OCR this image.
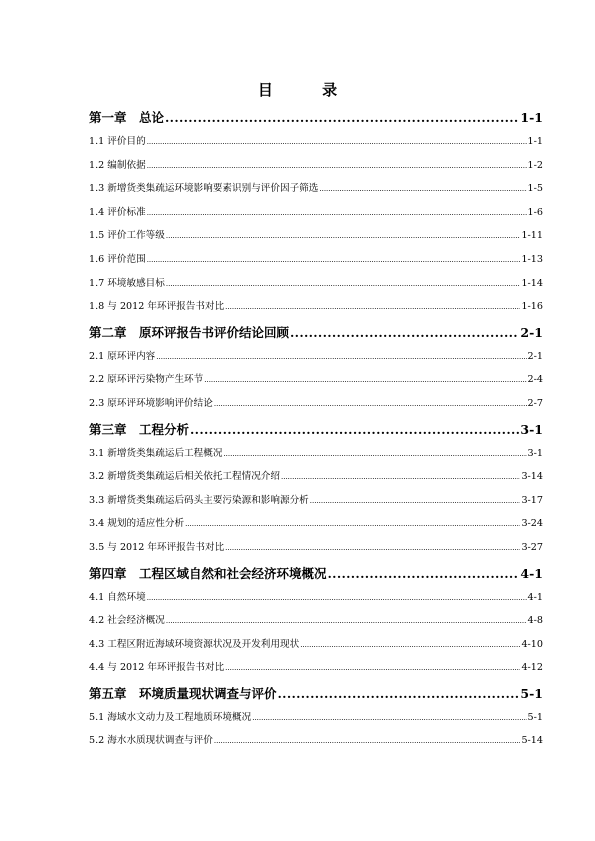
目 录
第一章　总论 .....	1-1
1.1 评价目的 .....	1-1
1.2 编制依据 .....	1-2
1.3 新增货类集疏运环境影响要素识别与评价因子筛选 .....	1-5
1.4 评价标准 .....	1-6
1.5 评价工作等级 .....	1-11
1.6 评价范围 .....	1-13
1.7 环境敏感目标 .....	1-14
1.8 与 2012 年环评报告书对比 .....	1-16
第二章　原环评报告书评价结论回顾 .....	2-1
2.1 原环评内容 .....	2-1
2.2 原环评污染物产生环节 .....	2-4
2.3 原环评环境影响评价结论 .....	2-7
第三章　工程分析 .....	3-1
3.1 新增货类集疏运后工程概况 .....	3-1
3.2 新增货类集疏运后相关依托工程情况介绍 .....	3-14
3.3 新增货类集疏运后码头主要污染源和影响源分析 .....	3-17
3.4 规划的适应性分析 .....	3-24
3.5 与 2012 年环评报告书对比 .....	3-27
第四章　工程区域自然和社会经济环境概况 .....	4-1
4.1 自然环境 .....	4-1
4.2 社会经济概况 .....	4-8
4.3 工程区附近海域环境资源状况及开发利用现状 .....	4-10
4.4 与 2012 年环评报告书对比 .....	4-12
第五章　环境质量现状调查与评价 .....	5-1
5.1 海域水文动力及工程地质环境概况 .....	5-1
5.2 海水水质现状调查与评价 .....	5-14
